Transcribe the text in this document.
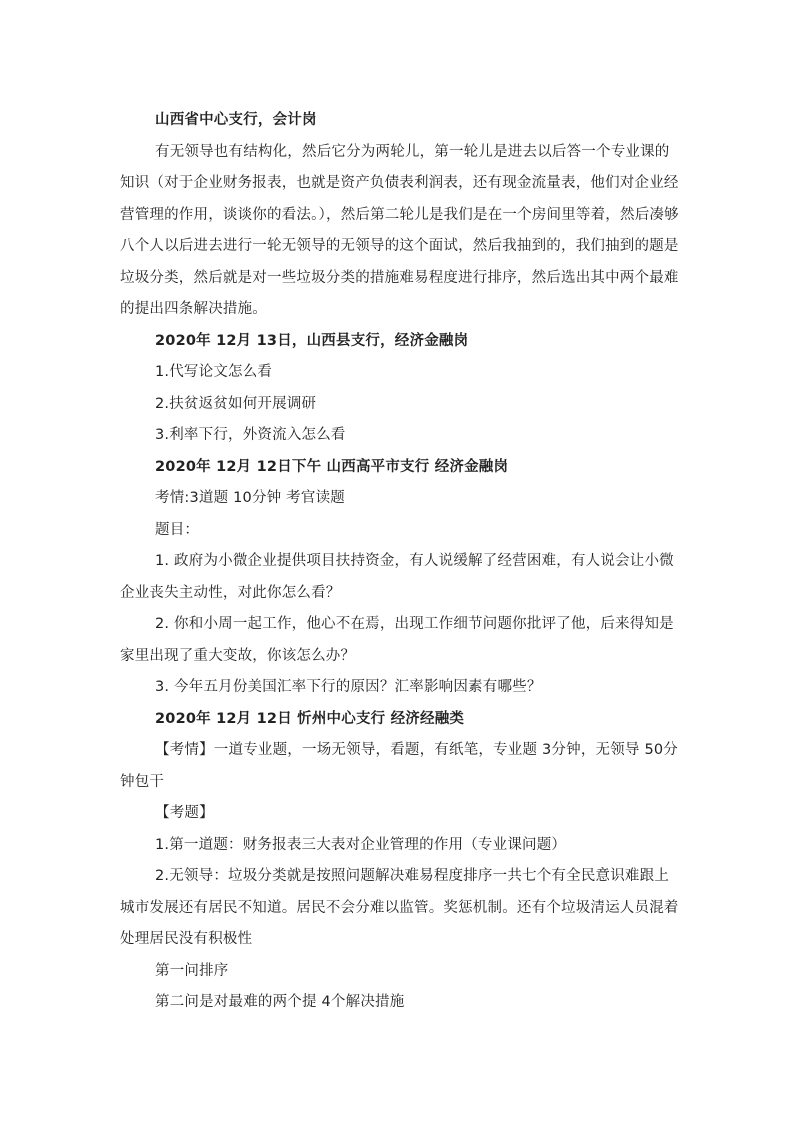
山西省中心支行，会计岗

有无领导也有结构化，然后它分为两轮儿，第一轮儿是进去以后答一个专业课的知识（对于企业财务报表，也就是资产负债表利润表，还有现金流量表，他们对企业经营管理的作用，谈谈你的看法。），然后第二轮儿是我们是在一个房间里等着，然后凑够八个人以后进去进行一轮无领导的无领导的这个面试，然后我抽到的，我们抽到的题是垃圾分类，然后就是对一些垃圾分类的措施难易程度进行排序，然后选出其中两个最难的提出四条解决措施。

2020年 12月 13日，山西县支行，经济金融岗

1.代写论文怎么看

2.扶贫返贫如何开展调研

3.利率下行，外资流入怎么看

2020年 12月 12日下午 山西高平市支行 经济金融岗

考情:3道题 10分钟 考官读题

题目：

1. 政府为小微企业提供项目扶持资金，有人说缓解了经营困难，有人说会让小微企业丧失主动性，对此你怎么看？

2. 你和小周一起工作，他心不在焉，出现工作细节问题你批评了他，后来得知是家里出现了重大变故，你该怎么办？

3. 今年五月份美国汇率下行的原因？汇率影响因素有哪些？

2020年 12月 12日 忻州中心支行 经济经融类

【考情】一道专业题，一场无领导，看题，有纸笔，专业题 3分钟，无领导 50分钟包干

【考题】

1.第一道题：财务报表三大表对企业管理的作用（专业课问题）

2.无领导：垃圾分类就是按照问题解决难易程度排序一共七个有全民意识难跟上城市发展还有居民不知道。居民不会分难以监管。奖惩机制。还有个垃圾清运人员混着处理居民没有积极性

第一问排序

第二问是对最难的两个提 4个解决措施
